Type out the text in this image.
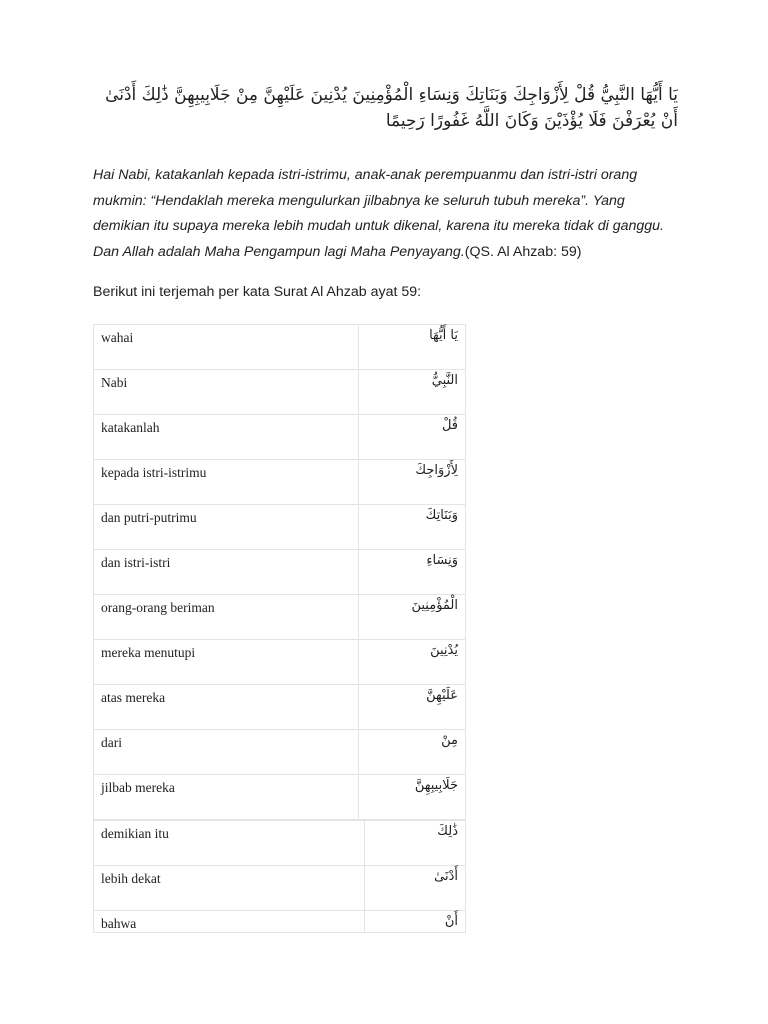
يَا أَيُّهَا النَّبِيُّ قُلْ لِأَزْوَاجِكَ وَبَنَاتِكَ وَنِسَاءِ الْمُؤْمِنِينَ يُدْنِينَ عَلَيْهِنَّ مِنْ جَلَابِيبِهِنَّ ذَٰلِكَ أَدْنَىٰ أَنْ يُعْرَفْنَ فَلَا يُؤْذَيْنَ وَكَانَ اللَّهُ غَفُورًا رَحِيمًا

Hai Nabi, katakanlah kepada istri-istrimu, anak-anak perempuanmu dan istri-istri orang mukmin: “Hendaklah mereka mengulurkan jilbabnya ke seluruh tubuh mereka”. Yang demikian itu supaya mereka lebih mudah untuk dikenal, karena itu mereka tidak di ganggu. Dan Allah adalah Maha Pengampun lagi Maha Penyayang.(QS. Al Ahzab: 59)

Berikut ini terjemah per kata Surat Al Ahzab ayat 59:

wahai	يَا أَيُّهَا
Nabi	النَّبِيُّ
katakanlah	قُلْ
kepada istri-istrimu	لِأَزْوَاجِكَ
dan putri-putrimu	وَبَنَاتِكَ
dan istri-istri	وَنِسَاءِ
orang-orang beriman	الْمُؤْمِنِينَ
mereka menutupi	يُدْنِينَ
atas mereka	عَلَيْهِنَّ
dari	مِنْ
jilbab mereka	جَلَابِيبِهِنَّ
demikian itu	ذَٰلِكَ
lebih dekat	أَدْنَىٰ
bahwa	أَنْ
